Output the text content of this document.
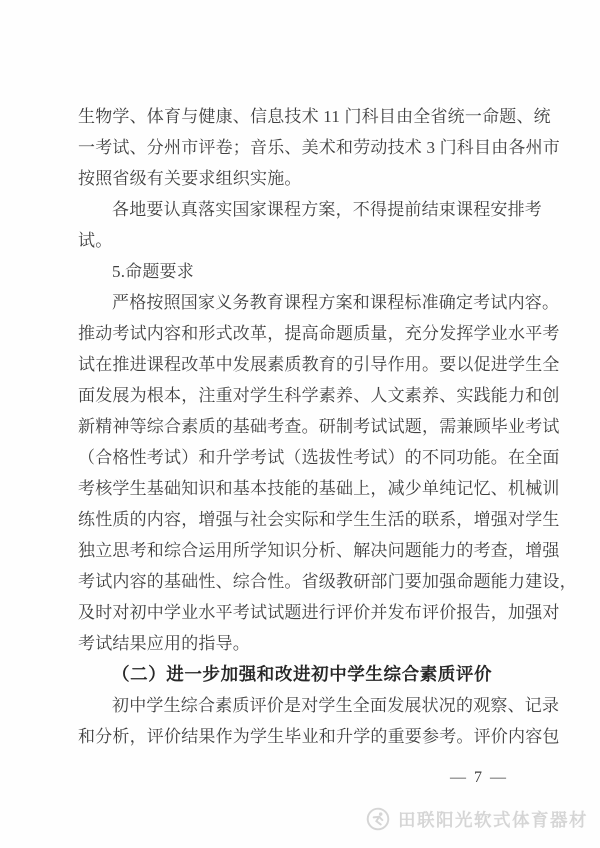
生物学、体育与健康、信息技术 11 门科目由全省统一命题、统
一考试、分州市评卷；音乐、美术和劳动技术 3 门科目由各州市
按照省级有关要求组织实施。
各地要认真落实国家课程方案，不得提前结束课程安排考
试。
5.命题要求
严格按照国家义务教育课程方案和课程标准确定考试内容。
推动考试内容和形式改革，提高命题质量，充分发挥学业水平考
试在推进课程改革中发展素质教育的引导作用。要以促进学生全
面发展为根本，注重对学生科学素养、人文素养、实践能力和创
新精神等综合素质的基础考查。研制考试试题，需兼顾毕业考试
（合格性考试）和升学考试（选拔性考试）的不同功能。在全面
考核学生基础知识和基本技能的基础上，减少单纯记忆、机械训
练性质的内容，增强与社会实际和学生生活的联系，增强对学生
独立思考和综合运用所学知识分析、解决问题能力的考查，增强
考试内容的基础性、综合性。省级教研部门要加强命题能力建设，
及时对初中学业水平考试试题进行评价并发布评价报告，加强对
考试结果应用的指导。
（二）进一步加强和改进初中学生综合素质评价
初中学生综合素质评价是对学生全面发展状况的观察、记录
和分析，评价结果作为学生毕业和升学的重要参考。评价内容包
— 7 —
田联阳光软式体育器材
